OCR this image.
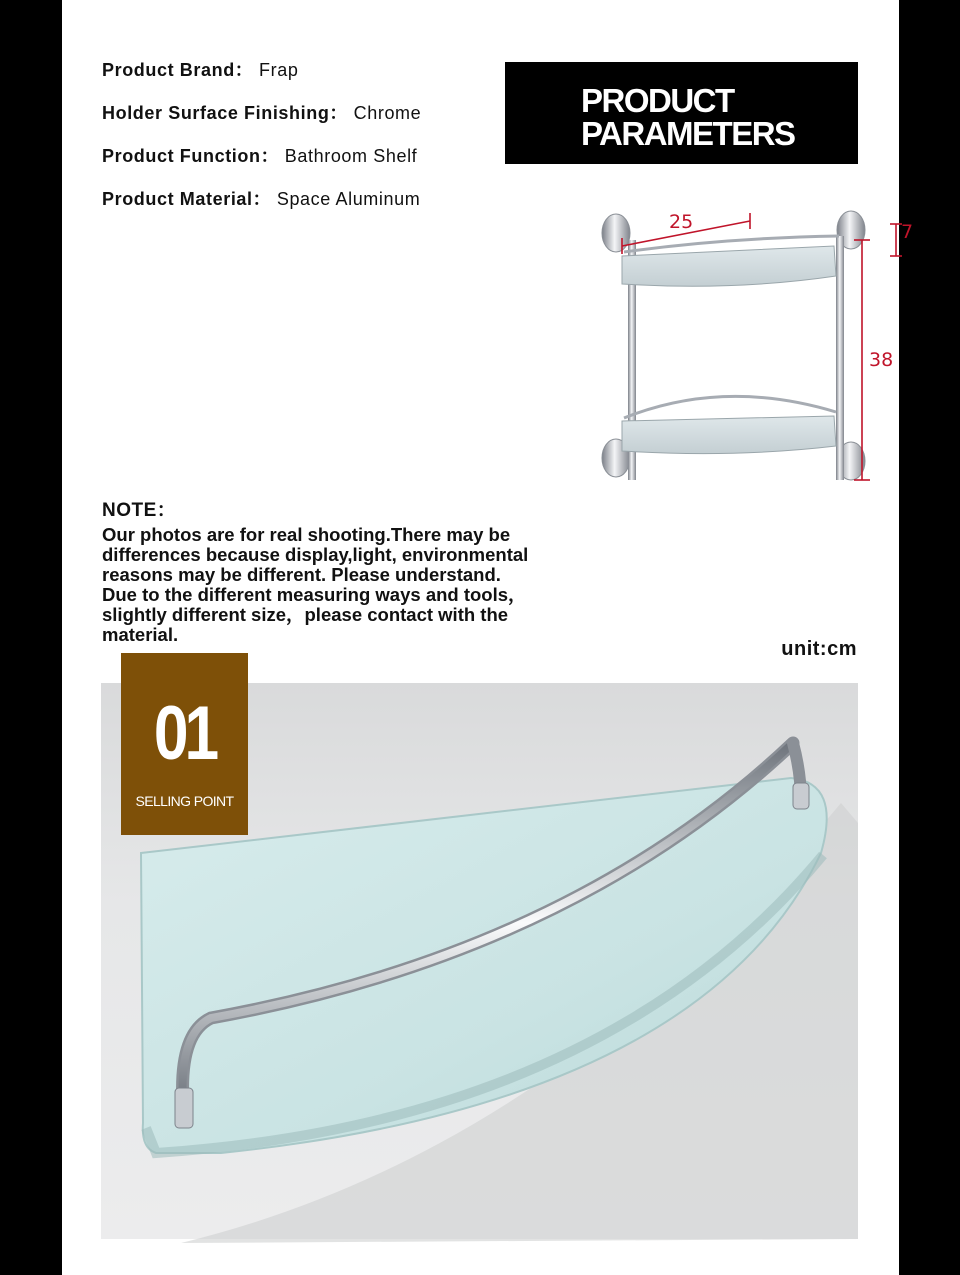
Product Brand： Frap
Holder Surface Finishing： Chrome
Product Function： Bathroom Shelf
Product Material： Space Aluminum
PRODUCT
PARAMETERS
25	7
38
NOTE：
Our photos are for real shooting.There may be
differences because display,light, environmental
reasons may be different. Please understand.
Due to the different measuring ways and tools，
slightly different size，please contact with the
material.
unit:cm
01
SELLING POINT
